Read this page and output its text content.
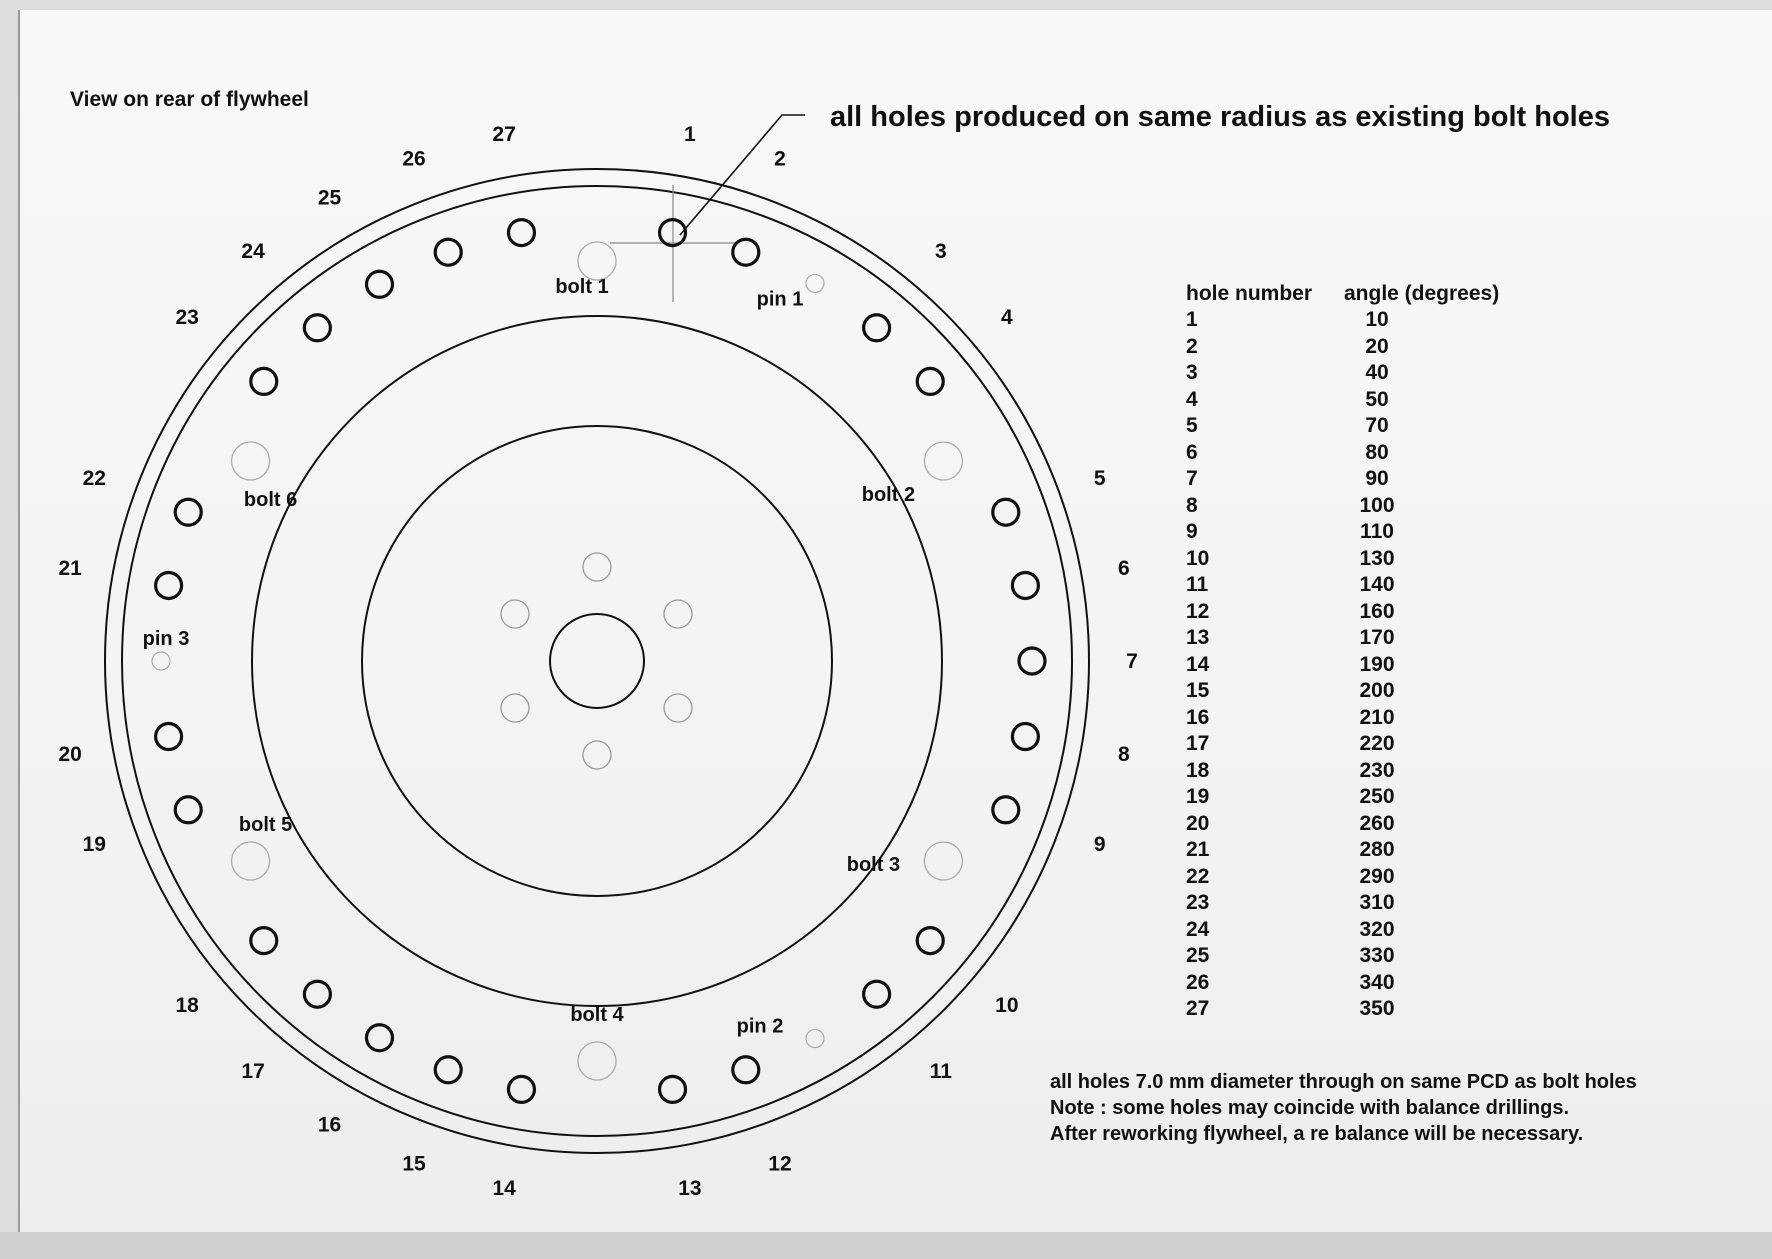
View on rear of flywheel
all holes produced on same radius as existing bolt holes
bolt 1
bolt 2
bolt 3
bolt 4
bolt 5
bolt 6
pin 1
pin 2
pin 3
1
2
3
4
5
6
7
8
9
10
11
12
13
14
15
16
17
18
19
20
21
22
23
24
25
26
27
hole number	angle (degrees)
1	10
2	20
3	40
4	50
5	70
6	80
7	90
8	100
9	110
10	130
11	140
12	160
13	170
14	190
15	200
16	210
17	220
18	230
19	250
20	260
21	280
22	290
23	310
24	320
25	330
26	340
27	350
all holes 7.0 mm diameter through on same PCD as bolt holes
Note : some holes may coincide with balance drillings.
After reworking flywheel, a re balance will be necessary.
